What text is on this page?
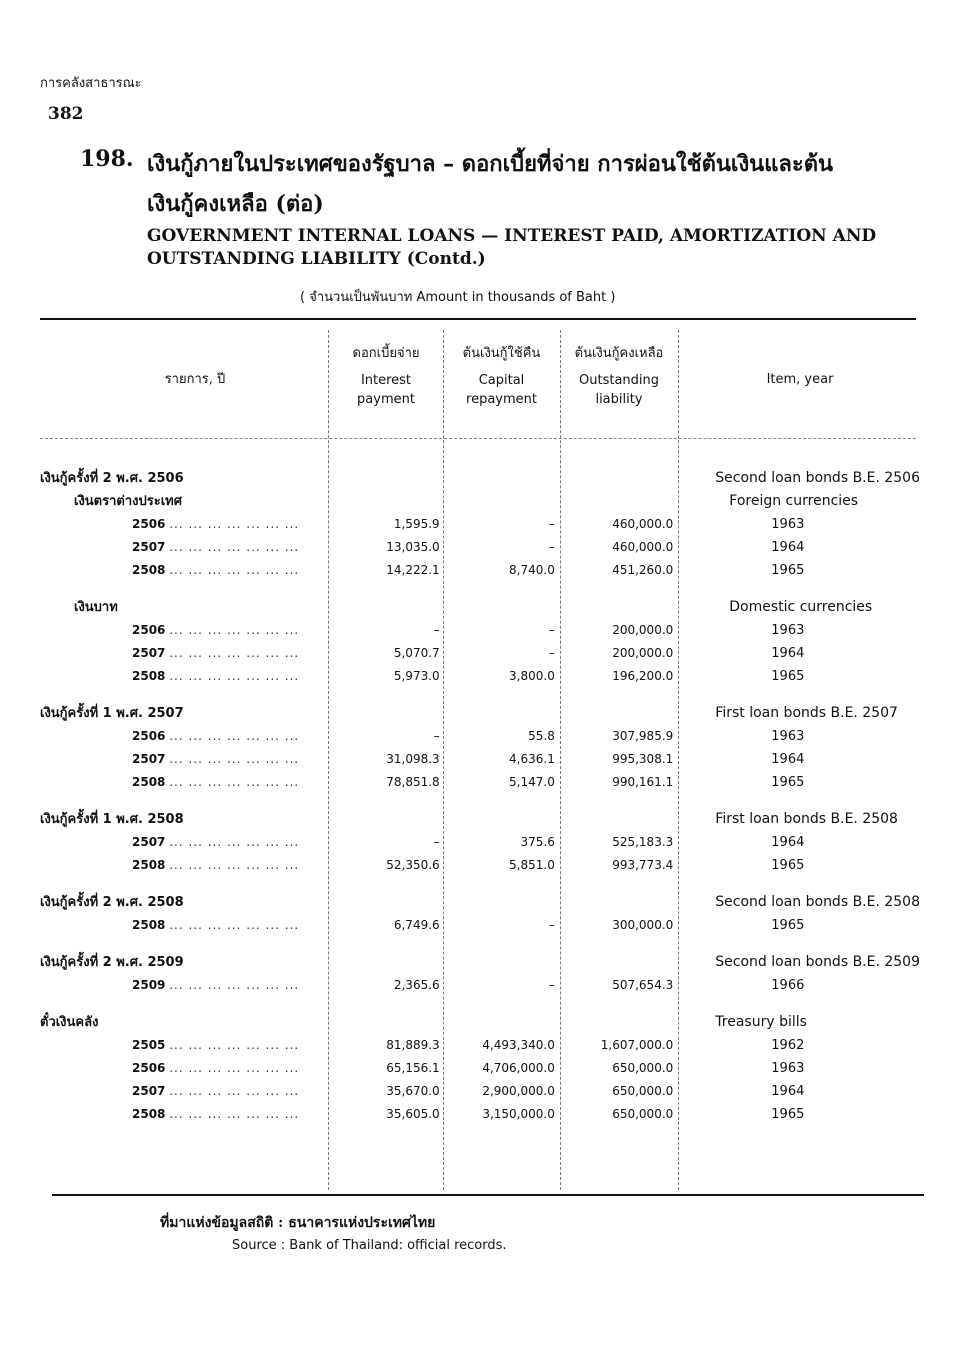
การคลังสาธารณะ
382
198. เงินกู้ภายในประเทศของรัฐบาล – ดอกเบี้ยที่จ่าย การผ่อนใช้ต้นเงินและต้น
เงินกู้คงเหลือ (ต่อ)
GOVERNMENT INTERNAL LOANS — INTEREST PAID, AMORTIZATION AND
OUTSTANDING LIABILITY (Contd.)
( จำนวนเป็นพันบาท Amount in thousands of Baht )
รายการ, ปี
ดอกเบี้ยจ่าย
Interest
payment
ต้นเงินกู้ใช้คืน
Capital
repayment
ต้นเงินกู้คงเหลือ
Outstanding
liability
Item, year
เงินกู้ครั้งที่ 2 พ.ศ. 2506				Second loan bonds B.E. 2506
เงินตราต่างประเทศ				Foreign currencies
2506 ... ... ... ... ... ... ...	1,595.9	–	460,000.0	1963
2507 ... ... ... ... ... ... ...	13,035.0	–	460,000.0	1964
2508 ... ... ... ... ... ... ...	14,222.1	8,740.0	451,260.0	1965

เงินบาท				Domestic currencies
2506 ... ... ... ... ... ... ...	–	–	200,000.0	1963
2507 ... ... ... ... ... ... ...	5,070.7	–	200,000.0	1964
2508 ... ... ... ... ... ... ...	5,973.0	3,800.0	196,200.0	1965

เงินกู้ครั้งที่ 1 พ.ศ. 2507				First loan bonds B.E. 2507
2506 ... ... ... ... ... ... ...	–	55.8	307,985.9	1963
2507 ... ... ... ... ... ... ...	31,098.3	4,636.1	995,308.1	1964
2508 ... ... ... ... ... ... ...	78,851.8	5,147.0	990,161.1	1965

เงินกู้ครั้งที่ 1 พ.ศ. 2508				First loan bonds B.E. 2508
2507 ... ... ... ... ... ... ...	–	375.6	525,183.3	1964
2508 ... ... ... ... ... ... ...	52,350.6	5,851.0	993,773.4	1965

เงินกู้ครั้งที่ 2 พ.ศ. 2508				Second loan bonds B.E. 2508
2508 ... ... ... ... ... ... ...	6,749.6	–	300,000.0	1965

เงินกู้ครั้งที่ 2 พ.ศ. 2509				Second loan bonds B.E. 2509
2509 ... ... ... ... ... ... ...	2,365.6	–	507,654.3	1966

ตั๋วเงินคลัง				Treasury bills
2505 ... ... ... ... ... ... ...	81,889.3	4,493,340.0	1,607,000.0	1962
2506 ... ... ... ... ... ... ...	65,156.1	4,706,000.0	650,000.0	1963
2507 ... ... ... ... ... ... ...	35,670.0	2,900,000.0	650,000.0	1964
2508 ... ... ... ... ... ... ...	35,605.0	3,150,000.0	650,000.0	1965
ที่มาแห่งข้อมูลสถิติ : ธนาคารแห่งประเทศไทย
Source : Bank of Thailand: official records.
